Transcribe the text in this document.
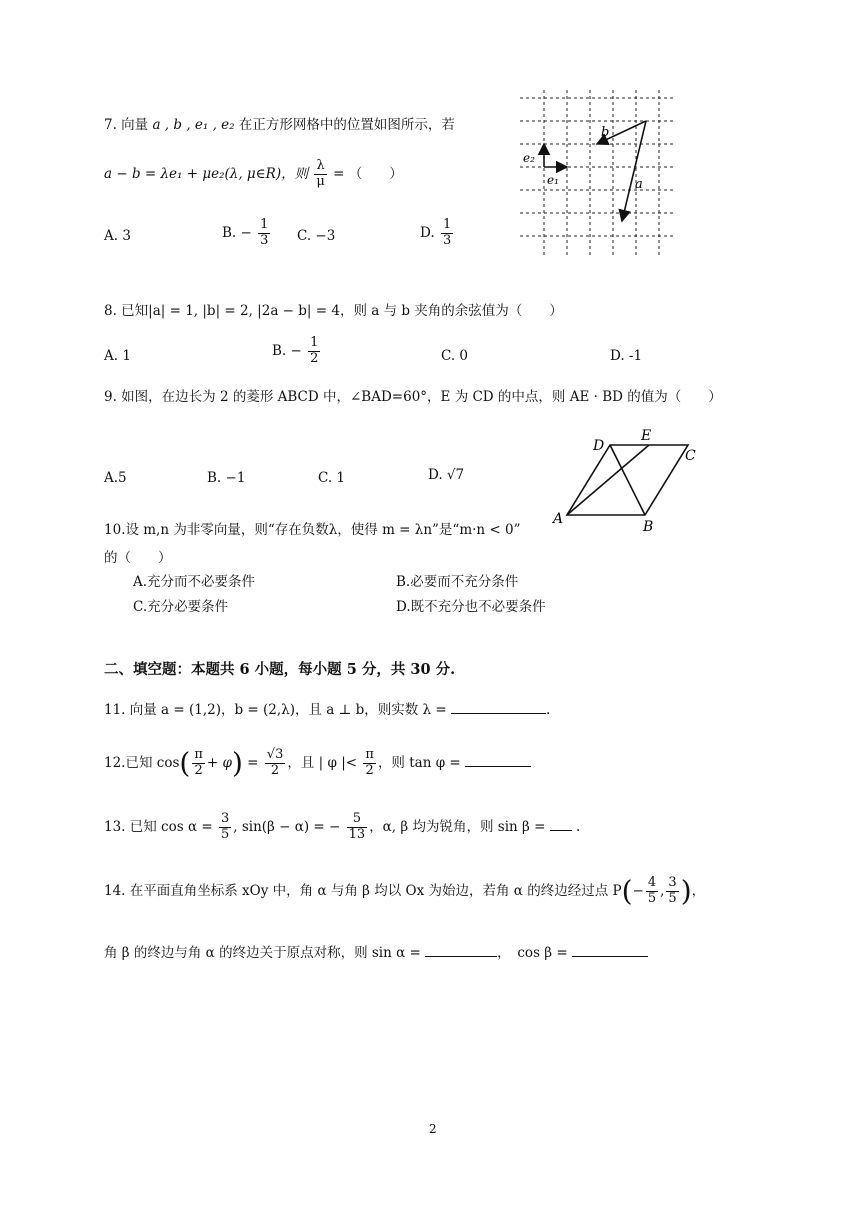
7. 向量 a , b , e₁ , e₂ 在正方形网格中的位置如图所示，若
a − b = λe₁ + μe₂(λ, μ∈R)，则 $\frac{\lambda}{\mu}$ = （　　）
A. 3	B. − $\frac{1}{3} C$. −3	D. $\frac{1}{3}$
e₂
e₁
b
a
8. 已知|a| = 1, |b| = 2, |2a − b| = 4，则 a 与 b 夹角的余弦值为（　　）
A. 1	B. − $\frac{1}{2}$	C. 0	D. -1
9. 如图，在边长为 2 的菱形 ABCD 中，∠BAD=60°，E 为 CD 的中点，则 AE · BD 的值为（　　）
A.5	B. −1	C. 1	D. √7
A	B
C
D
E
10.设 m,n 为非零向量，则“存在负数λ，使得 m = λn”是“m·n < 0”
的（　　）
A.充分而不必要条件	B.必要而不充分条件
C.充分必要条件	D.既不充分也不必要条件
二、填空题：本题共 6 小题，每小题 5 分，共 30 分.
11. 向量 a = (1,2)，b = (2,λ)，且 a ⊥ b，则实数 λ =	.
12.已知 $\cos( \frac{\pi}{2} + \varphi) = \frac{√3}{2}$ ，且 | φ |< $\frac{\pi}{2}$ ，则 tan φ =
13. 已知 $\cos \alpha = \frac{3}{5}$ , sin(β − α) = − $\frac{5}{13}$ ，α, β 均为锐角，则 sin β = .
14. 在平面直角坐标系 xOy 中，角 α 与角 β 均以 Ox 为始边，若角 α 的终边经过点 $P(- \frac{4}{5}$ , $\frac{3}{5}$ )，
角 β 的终边与角 α 的终边关于原点对称，则 sin α =	，　cos β =
2
